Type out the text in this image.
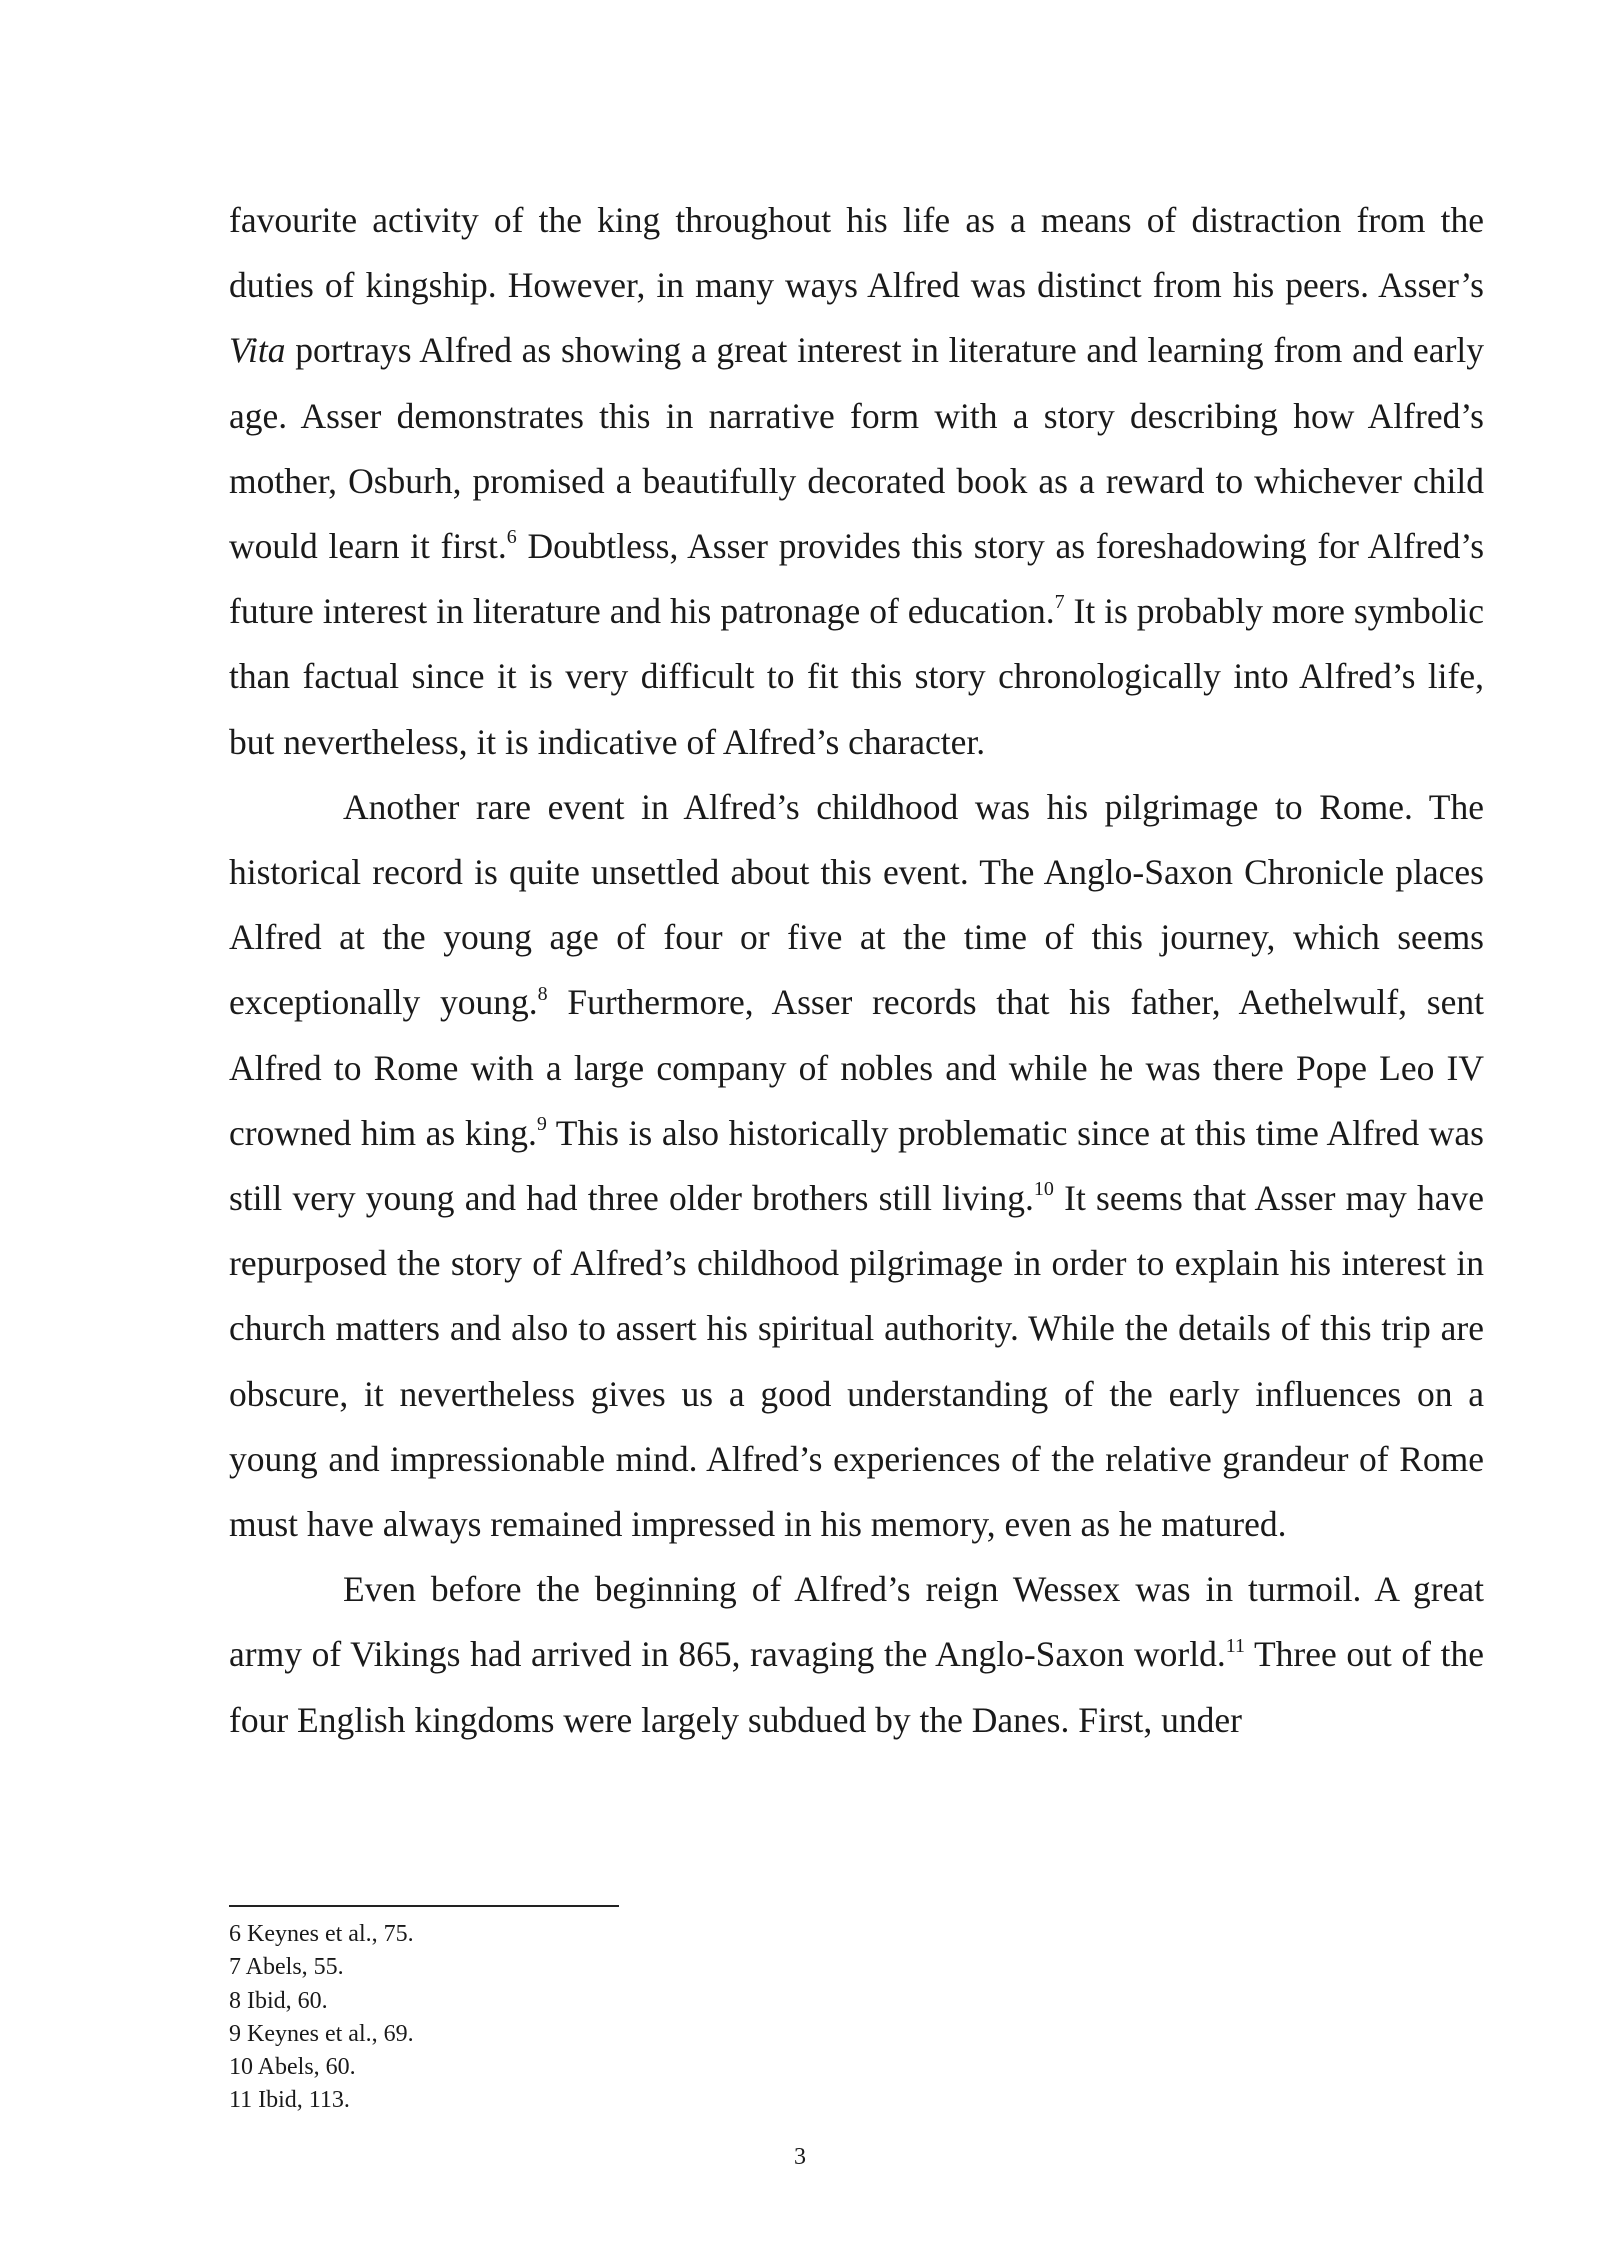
favourite activity of the king throughout his life as a means of distraction from the duties of kingship. However, in many ways Alfred was distinct from his peers. Asser’s Vita portrays Alfred as showing a great interest in literature and learning from and early age. Asser demonstrates this in narrative form with a story describing how Alfred’s mother, Osburh, promised a beautifully decorated book as a reward to whichever child would learn it first.$^6$ Doubtless, Asser provides this story as foreshadowing for Alfred’s future interest in literature and his patronage of education.$^7$ It is probably more symbolic than factual since it is very difficult to fit this story chronologically into Alfred’s life, but nevertheless, it is indicative of Alfred’s character.

Another rare event in Alfred’s childhood was his pilgrimage to Rome. The historical record is quite unsettled about this event. The Anglo-Saxon Chronicle places Alfred at the young age of four or five at the time of this journey, which seems exceptionally young.$^8$ Furthermore, Asser records that his father, Aethelwulf, sent Alfred to Rome with a large company of nobles and while he was there Pope Leo IV crowned him as king.$^9$ This is also historically problematic since at this time Alfred was still very young and had three older brothers still living.$^{10}$ It seems that Asser may have repurposed the story of Alfred’s childhood pilgrimage in order to explain his interest in church matters and also to assert his spiritual authority. While the details of this trip are obscure, it nevertheless gives us a good understanding of the early influences on a young and impressionable mind. Alfred’s experiences of the relative grandeur of Rome must have always remained impressed in his memory, even as he matured.

Even before the beginning of Alfred’s reign Wessex was in turmoil. A great army of Vikings had arrived in 865, ravaging the Anglo-Saxon world.$^{11}$ Three out of the four English kingdoms were largely subdued by the Danes. First, under

6 Keynes et al., 75.
7 Abels, 55.
8 Ibid, 60.
9 Keynes et al., 69.
10 Abels, 60.
11 Ibid, 113.
3
